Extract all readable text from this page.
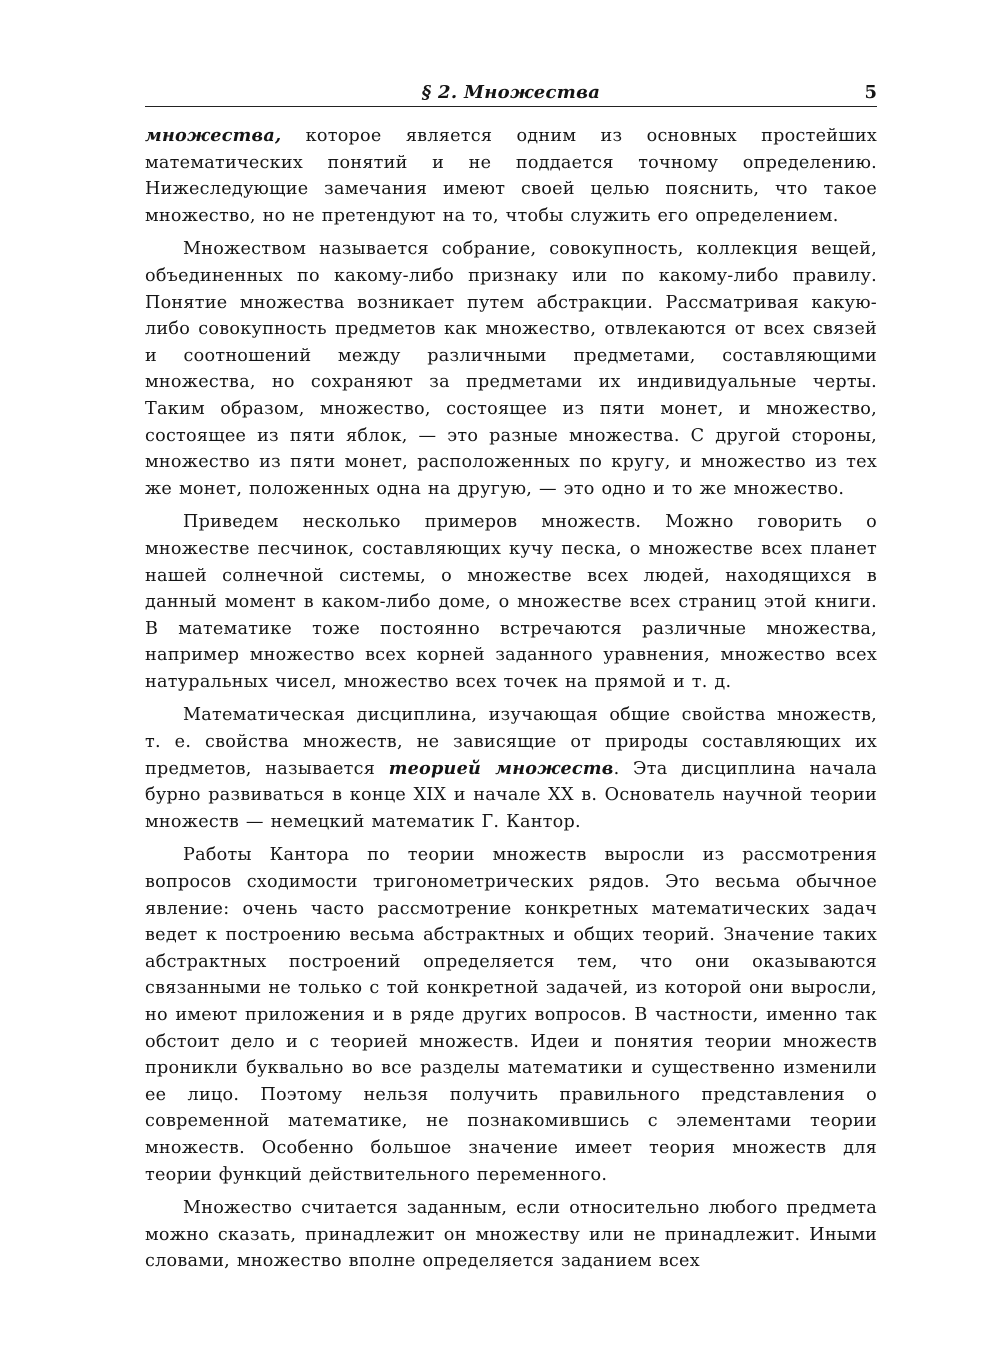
§ 2. Множества	5

множества, которое является одним из основных простейших математических понятий и не поддается точному определению. Нижеследующие замечания имеют своей целью пояснить, что такое множество, но не претендуют на то, чтобы служить его определением.

Множеством называется собрание, совокупность, коллекция вещей, объединенных по какому-либо признаку или по какому-либо правилу. Понятие множества возникает путем абстракции. Рассматривая какую-либо совокупность предметов как множество, отвлекаются от всех связей и соотношений между различными предметами, составляющими множества, но сохраняют за предметами их индивидуальные черты. Таким образом, множество, состоящее из пяти монет, и множество, состоящее из пяти яблок, — это разные множества. С другой стороны, множество из пяти монет, расположенных по кругу, и множество из тех же монет, положенных одна на другую, — это одно и то же множество.

Приведем несколько примеров множеств. Можно говорить о множестве песчинок, составляющих кучу песка, о множестве всех планет нашей солнечной системы, о множестве всех людей, находящихся в данный момент в каком-либо доме, о множестве всех страниц этой книги. В математике тоже постоянно встречаются различные множества, например множество всех корней заданного уравнения, множество всех натуральных чисел, множество всех точек на прямой и т. д.

Математическая дисциплина, изучающая общие свойства множеств, т. е. свойства множеств, не зависящие от природы составляющих их предметов, называется теорией множеств. Эта дисциплина начала бурно развиваться в конце XIX и начале XX в. Основатель научной теории множеств — немецкий математик Г. Кантор.

Работы Кантора по теории множеств выросли из рассмотрения вопросов сходимости тригонометрических рядов. Это весьма обычное явление: очень часто рассмотрение конкретных математических задач ведет к построению весьма абстрактных и общих теорий. Значение таких абстрактных построений определяется тем, что они оказываются связанными не только с той конкретной задачей, из которой они выросли, но имеют приложения и в ряде других вопросов. В частности, именно так обстоит дело и с теорией множеств. Идеи и понятия теории множеств проникли буквально во все разделы математики и существенно изменили ее лицо. Поэтому нельзя получить правильного представления о современной математике, не познакомившись с элементами теории множеств. Особенно большое значение имеет теория множеств для теории функций действительного переменного.

Множество считается заданным, если относительно любого предмета можно сказать, принадлежит он множеству или не принадлежит. Иными словами, множество вполне определяется заданием всех
